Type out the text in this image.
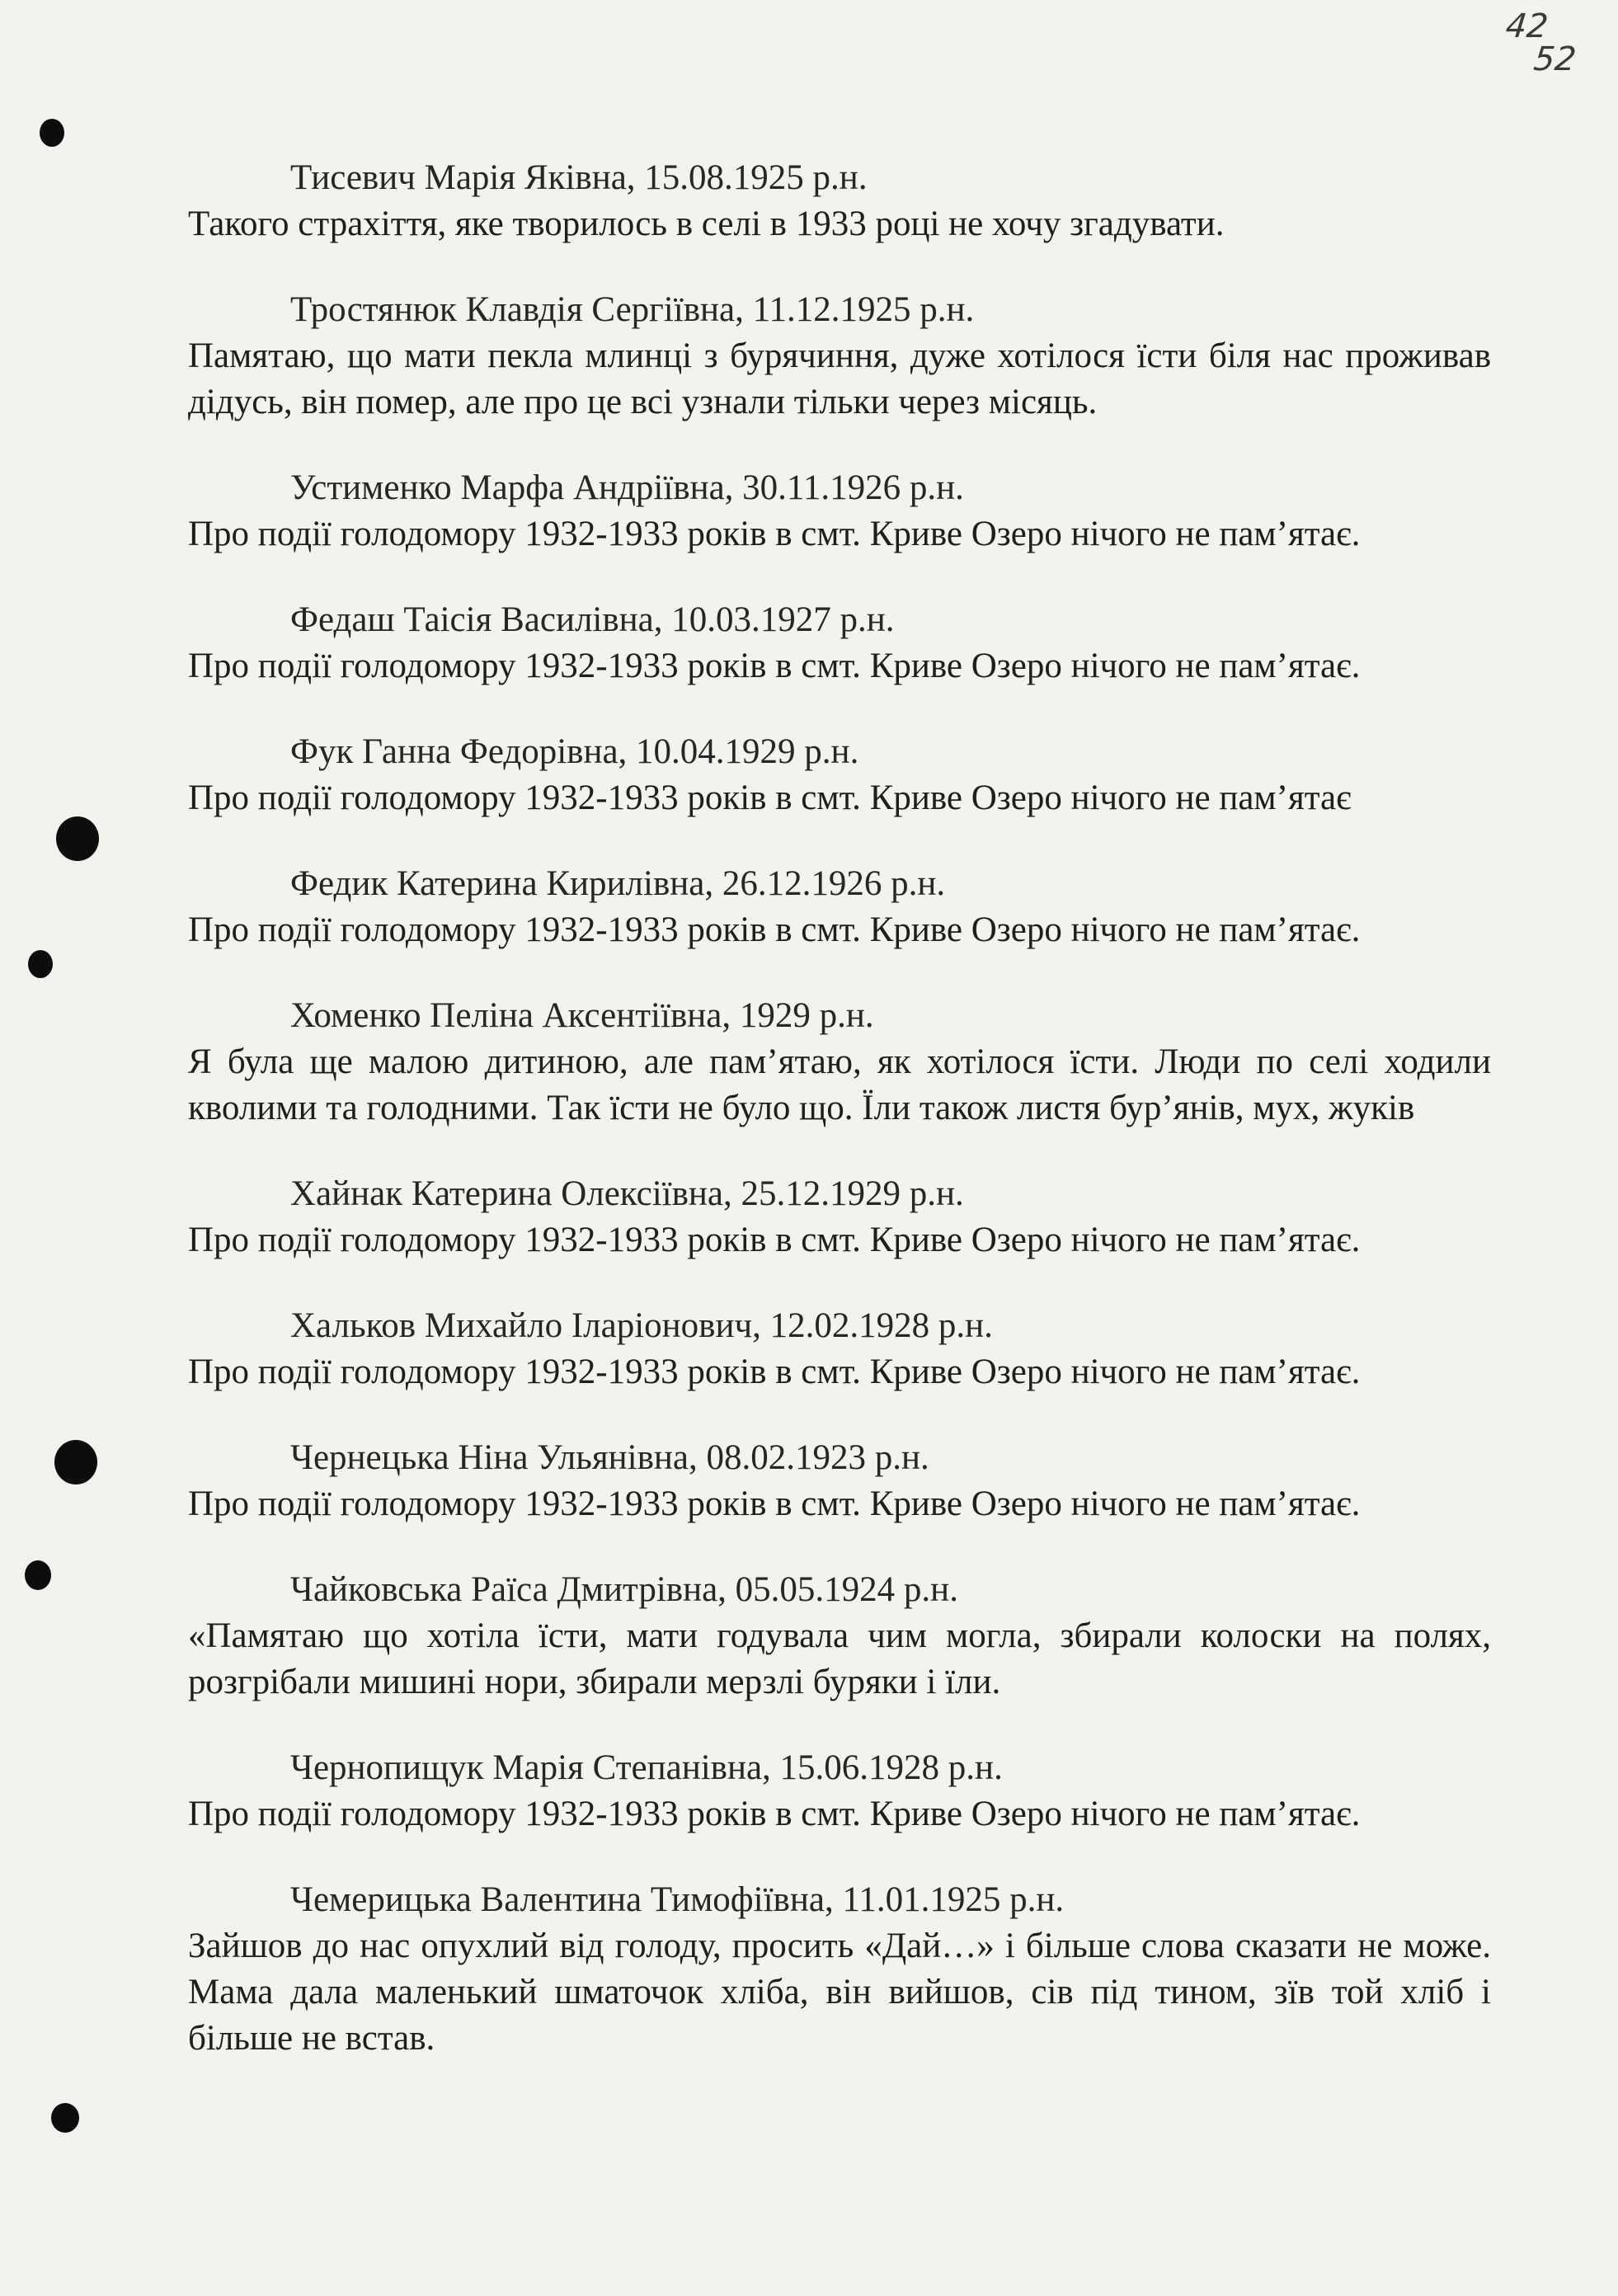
42
52
Тисевич Марія Яківна, 15.08.1925 р.н.
Такого страхіття, яке творилось в селі в 1933 році не хочу згадувати.
Тростянюк Клавдія Сергіївна, 11.12.1925 р.н.
Памятаю, що мати пекла млинці з бурячиння, дуже хотілося їсти біля нас проживав дідусь, він помер, але про це всі узнали тільки через місяць.
Устименко Марфа Андріївна, 30.11.1926 р.н.
Про події голодомору 1932-1933 років в смт. Криве Озеро нічого не пам’ятає.
Федаш Таісія Василівна, 10.03.1927 р.н.
Про події голодомору 1932-1933 років в смт. Криве Озеро нічого не пам’ятає.
Фук Ганна Федорівна, 10.04.1929 р.н.
Про події голодомору 1932-1933 років в смт. Криве Озеро нічого не пам’ятає
Федик Катерина Кирилівна, 26.12.1926 р.н.
Про події голодомору 1932-1933 років в смт. Криве Озеро нічого не пам’ятає.
Хоменко Пеліна Аксентіївна, 1929 р.н.
Я була ще малою дитиною, але пам’ятаю, як хотілося їсти. Люди по селі ходили кволими та голодними. Так їсти не було що. Їли також листя бур’янів, мух, жуків
Хайнак Катерина Олексіївна, 25.12.1929 р.н.
Про події голодомору 1932-1933 років в смт. Криве Озеро нічого не пам’ятає.
Хальков Михайло Іларіонович, 12.02.1928 р.н.
Про події голодомору 1932-1933 років в смт. Криве Озеро нічого не пам’ятає.
Чернецька Ніна Ульянівна, 08.02.1923 р.н.
Про події голодомору 1932-1933 років в смт. Криве Озеро нічого не пам’ятає.
Чайковська Раїса Дмитрівна, 05.05.1924 р.н.
«Памятаю що хотіла їсти, мати годувала чим могла, збирали колоски на полях, розгрібали мишині нори, збирали мерзлі буряки і їли.
Чернопищук Марія Степанівна, 15.06.1928 р.н.
Про події голодомору 1932-1933 років в смт. Криве Озеро нічого не пам’ятає.
Чемерицька Валентина Тимофіївна, 11.01.1925 р.н.
Зайшов до нас опухлий від голоду, просить «Дай…» і більше слова сказати не може. Мама дала маленький шматочок хліба, він вийшов, сів під тином, зїв той хліб і більше не встав.
